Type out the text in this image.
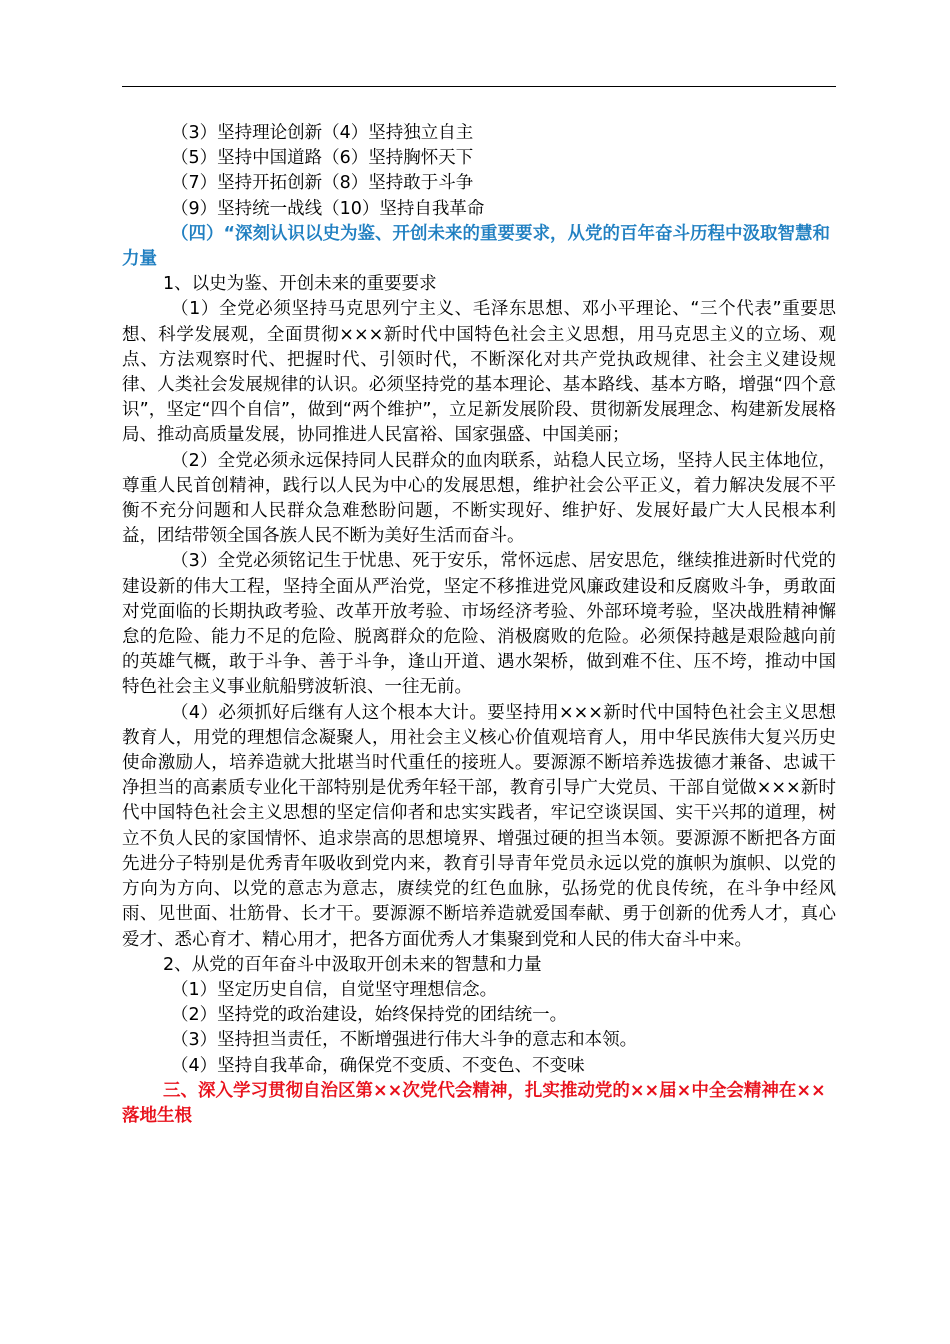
（3）坚持理论创新（4）坚持独立自主

（5）坚持中国道路（6）坚持胸怀天下

（7）坚持开拓创新（8）坚持敢于斗争

（9）坚持统一战线（10）坚持自我革命

（四）“深刻认识以史为鉴、开创未来的重要要求，从党的百年奋斗历程中汲取智慧和力量

1、以史为鉴、开创未来的重要要求

（1）全党必须坚持马克思列宁主义、毛泽东思想、邓小平理论、“三个代表”重要思想、科学发展观，全面贯彻×××新时代中国特色社会主义思想，用马克思主义的立场、观点、方法观察时代、把握时代、引领时代，不断深化对共产党执政规律、社会主义建设规律、人类社会发展规律的认识。必须坚持党的基本理论、基本路线、基本方略，增强“四个意识”，坚定“四个自信”，做到“两个维护”，立足新发展阶段、贯彻新发展理念、构建新发展格局、推动高质量发展，协同推进人民富裕、国家强盛、中国美丽；

（2）全党必须永远保持同人民群众的血肉联系，站稳人民立场，坚持人民主体地位，尊重人民首创精神，践行以人民为中心的发展思想，维护社会公平正义，着力解决发展不平衡不充分问题和人民群众急难愁盼问题，不断实现好、维护好、发展好最广大人民根本利益，团结带领全国各族人民不断为美好生活而奋斗。

（3）全党必须铭记生于忧患、死于安乐，常怀远虑、居安思危，继续推进新时代党的建设新的伟大工程，坚持全面从严治党，坚定不移推进党风廉政建设和反腐败斗争，勇敢面对党面临的长期执政考验、改革开放考验、市场经济考验、外部环境考验，坚决战胜精神懈怠的危险、能力不足的危险、脱离群众的危险、消极腐败的危险。必须保持越是艰险越向前的英雄气概，敢于斗争、善于斗争，逢山开道、遇水架桥，做到难不住、压不垮，推动中国特色社会主义事业航船劈波斩浪、一往无前。

（4）必须抓好后继有人这个根本大计。要坚持用×××新时代中国特色社会主义思想教育人，用党的理想信念凝聚人，用社会主义核心价值观培育人，用中华民族伟大复兴历史使命激励人，培养造就大批堪当时代重任的接班人。要源源不断培养选拔德才兼备、忠诚干净担当的高素质专业化干部特别是优秀年轻干部，教育引导广大党员、干部自觉做×××新时代中国特色社会主义思想的坚定信仰者和忠实实践者，牢记空谈误国、实干兴邦的道理，树立不负人民的家国情怀、追求崇高的思想境界、增强过硬的担当本领。要源源不断把各方面先进分子特别是优秀青年吸收到党内来，教育引导青年党员永远以党的旗帜为旗帜、以党的方向为方向、以党的意志为意志，赓续党的红色血脉，弘扬党的优良传统，在斗争中经风雨、见世面、壮筋骨、长才干。要源源不断培养造就爱国奉献、勇于创新的优秀人才，真心爱才、悉心育才、精心用才，把各方面优秀人才集聚到党和人民的伟大奋斗中来。

2、从党的百年奋斗中汲取开创未来的智慧和力量

（1）坚定历史自信，自觉坚守理想信念。

（2）坚持党的政治建设，始终保持党的团结统一。

（3）坚持担当责任，不断增强进行伟大斗争的意志和本领。

（4）坚持自我革命，确保党不变质、不变色、不变味

三、深入学习贯彻自治区第××次党代会精神，扎实推动党的××届×中全会精神在××落地生根
